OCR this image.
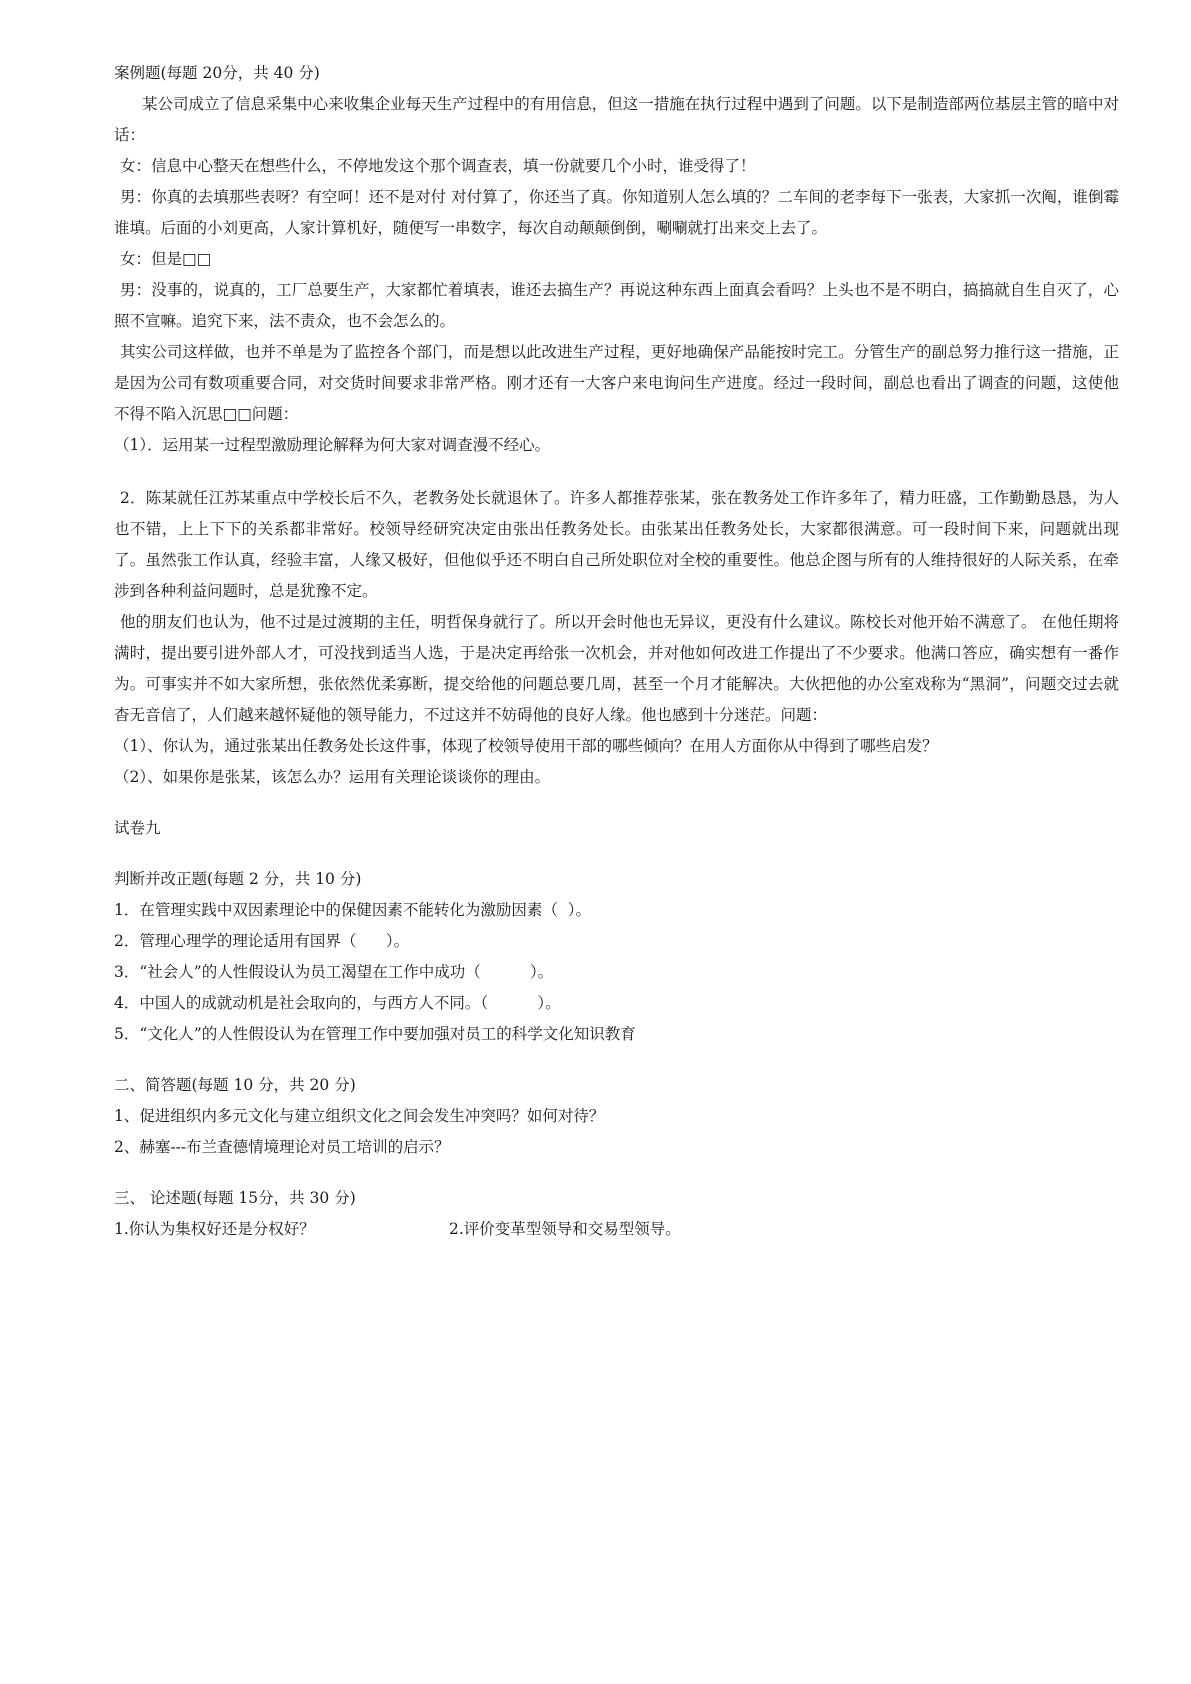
案例题(每题 20分，共 40 分)

某公司成立了信息采集中心来收集企业每天生产过程中的有用信息，但这一措施在执行过程中遇到了问题。以下是制造部两位基层主管的暗中对话：

女：信息中心整天在想些什么，不停地发这个那个调查表，填一份就要几个小时，谁受得了！

男：你真的去填那些表呀？有空呵！还不是对付 对付算了，你还当了真。你知道别人怎么填的？二车间的老李每下一张表，大家抓一次阄，谁倒霉谁填。后面的小刘更高，人家计算机好，随便写一串数字，每次自动颠颠倒倒，唰唰就打出来交上去了。

女：但是□□

男：没事的，说真的，工厂总要生产，大家都忙着填表，谁还去搞生产？再说这种东西上面真会看吗？上头也不是不明白，搞搞就自生自灭了，心照不宣嘛。追究下来，法不责众，也不会怎么的。

其实公司这样做，也并不单是为了监控各个部门，而是想以此改进生产过程，更好地确保产品能按时完工。分管生产的副总努力推行这一措施，正是因为公司有数项重要合同，对交货时间要求非常严格。刚才还有一大客户来电询问生产进度。经过一段时间，副总也看出了调查的问题，这使他不得不陷入沉思□□问题：

（1）．运用某一过程型激励理论解释为何大家对调查漫不经心。

2．陈某就任江苏某重点中学校长后不久，老教务处长就退休了。许多人都推荐张某，张在教务处工作许多年了，精力旺盛，工作勤勤恳恳，为人也不错，上上下下的关系都非常好。校领导经研究决定由张出任教务处长。由张某出任教务处长，大家都很满意。可一段时间下来，问题就出现了。虽然张工作认真，经验丰富，人缘又极好，但他似乎还不明白自己所处职位对全校的重要性。他总企图与所有的人维持很好的人际关系，在牵涉到各种利益问题时，总是犹豫不定。

他的朋友们也认为，他不过是过渡期的主任，明哲保身就行了。所以开会时他也无异议，更没有什么建议。陈校长对他开始不满意了。 在他任期将满时，提出要引进外部人才，可没找到适当人选，于是决定再给张一次机会，并对他如何改进工作提出了不少要求。他满口答应，确实想有一番作为。可事实并不如大家所想，张依然优柔寡断，提交给他的问题总要几周，甚至一个月才能解决。大伙把他的办公室戏称为“黑洞”，问题交过去就杳无音信了，人们越来越怀疑他的领导能力，不过这并不妨碍他的良好人缘。他也感到十分迷茫。问题：

（1）、你认为，通过张某出任教务处长这件事，体现了校领导使用干部的哪些倾向？在用人方面你从中得到了哪些启发？

（2）、如果你是张某，该怎么办？运用有关理论谈谈你的理由。

试卷九

判断并改正题(每题 2 分，共 10 分)

1．在管理实践中双因素理论中的保健因素不能转化为激励因素（  ）。

2．管理心理学的理论适用有国界（      ）。

3．“社会人”的人性假设认为员工渴望在工作中成功（          ）。

4．中国人的成就动机是社会取向的，与西方人不同。（          ）。

5．“文化人”的人性假设认为在管理工作中要加强对员工的科学文化知识教育

二、简答题(每题 10 分，共 20 分)

1、促进组织内多元文化与建立组织文化之间会发生冲突吗？如何对待？

2、赫塞---布兰查德情境理论对员工培训的启示？

三、 论述题(每题 15分，共 30 分)

1.你认为集权好还是分权好？	2.评价变革型领导和交易型领导。
